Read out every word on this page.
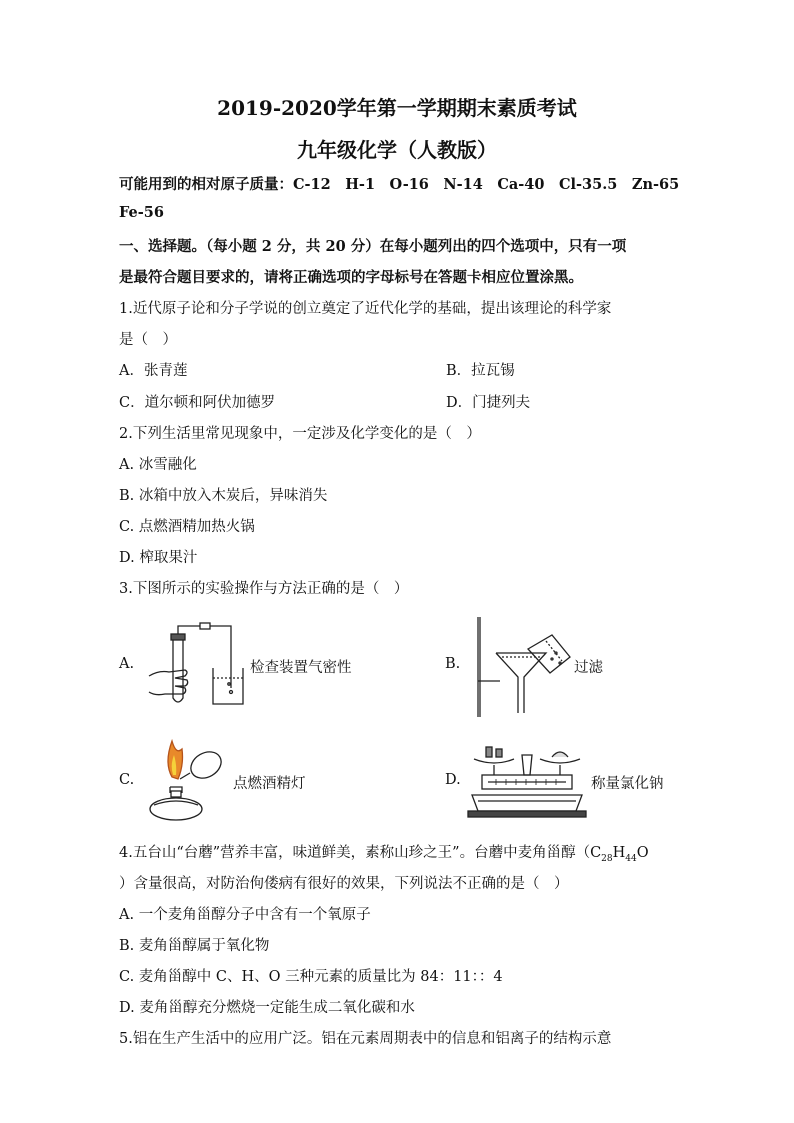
2019-2020学年第一学期期末素质考试
九年级化学（人教版）
可能用到的相对原子质量：C-12　H-1　O-16　N-14　Ca-40　Cl-35.5　Zn-65
Fe-56
一、选择题。（每小题 2 分，共 20 分）在每小题列出的四个选项中，只有一项
是最符合题目要求的，请将正确选项的字母标号在答题卡相应位置涂黑。
1.近代原子论和分子学说的创立奠定了近代化学的基础，提出该理论的科学家
是（　）
A．张青莲	B．拉瓦锡
C．道尔顿和阿伏加德罗	D．门捷列夫
2.下列生活里常见现象中，一定涉及化学变化的是（　）
A. 冰雪融化
B. 冰箱中放入木炭后，异味消失
C. 点燃酒精加热火锅
D. 榨取果汁
3.下图所示的实验操作与方法正确的是（　）
A.	检查装置气密性	B.	过滤
C.	点燃酒精灯	D.	称量氯化钠
4.五台山“台蘑”营养丰富，味道鲜美，素称山珍之王”。台蘑中麦角甾醇（$C_{28}H_{44}O$
）含量很高，对防治佝偻病有很好的效果，下列说法不正确的是（　）
A. 一个麦角甾醇分子中含有一个氧原子
B. 麦角甾醇属于氧化物
C. 麦角甾醇中 C、H、O 三种元素的质量比为 84：11：：4
D. 麦角甾醇充分燃烧一定能生成二氧化碳和水
5.铝在生产生活中的应用广泛。铝在元素周期表中的信息和铝离子的结构示意
